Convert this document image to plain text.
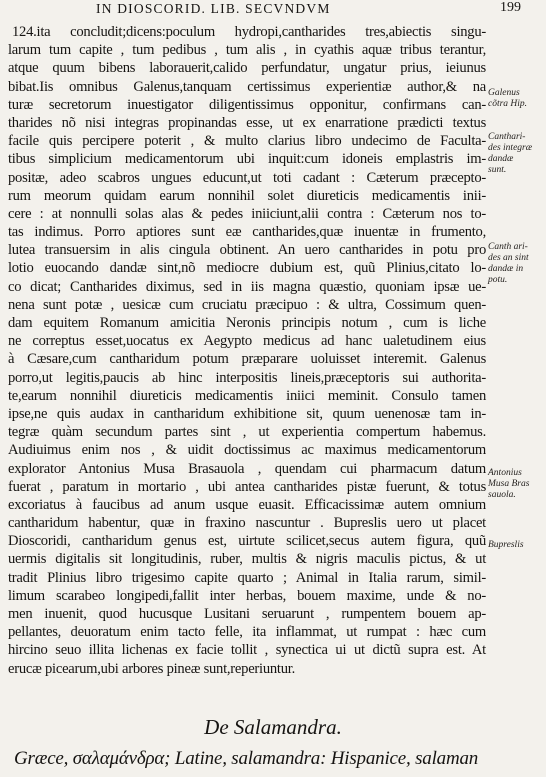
IN DIOSCORID. LIB. SECVNDVM	199
124.ita concludit;dicens:poculum hydropi,cantharides tres,abiectis singu-
larum tum capite , tum pedibus , tum alis , in cyathis aquæ tribus terantur,
atque quum bibens laborauerit,calido perfundatur, ungatur prius, ieiunus
bibat.Iis omnibus Galenus,tanquam certissimus experientiæ author,& na
turæ secretorum inuestigator diligentissimus opponitur, confirmans can-
tharides nõ nisi integras propinandas esse, ut ex enarratione prædicti textus
facile quis percipere poterit , & multo clarius libro undecimo de Faculta-
tibus simplicium medicamentorum ubi inquit:cum idoneis emplastris im-
positæ, adeo scabros ungues educunt,ut toti cadant : Cæterum præcepto-
rum meorum quidam earum nonnihil solet diureticis medicamentis inii-
cere : at nonnulli solas alas & pedes iniiciunt,alii contra : Cæterum nos to-
tas indimus. Porro aptiores sunt eæ cantharides,quæ inuentæ in frumento,
lutea transuersim in alis cingula obtinent. An uero cantharides in potu pro
lotio euocando dandæ sint,nõ mediocre dubium est, quũ Plinius,citato lo-
co dicat; Cantharides diximus, sed in iis magna quæstio, quoniam ipsæ ue-
nena sunt potæ , uesicæ cum cruciatu præcipuo : & ultra, Cossimum quen-
dam equitem Romanum amicitia Neronis principis notum , cum is liche
ne correptus esset,uocatus ex Aegypto medicus ad hanc ualetudinem eius
à Cæsare,cum cantharidum potum præparare uoluisset interemit. Galenus
porro,ut legitis,paucis ab hinc interpositis lineis,præceptoris sui authorita-
te,earum nonnihil diureticis medicamentis iniici meminit. Consulo tamen
ipse,ne quis audax in cantharidum exhibitione sit, quum uenenosæ tam in-
tegræ quàm secundum partes sint , ut experientia compertum habemus.
Audiuimus enim nos , & uidit doctissimus ac maximus medicamentorum
explorator Antonius Musa Brasauola , quendam cui pharmacum datum
fuerat , paratum in mortario , ubi antea cantharides pistæ fuerunt, & totus
excoriatus à faucibus ad anum usque euasit. Efficacissimæ autem omnium
cantharidum habentur, quæ in fraxino nascuntur . Bupreslis uero ut placet
Dioscoridi, cantharidum genus est, uirtute scilicet,secus autem figura, quũ
uermis digitalis sit longitudinis, ruber, multis & nigris maculis pictus, & ut
tradit Plinius libro trigesimo capite quarto ; Animal in Italia rarum, simil-
limum scarabeo longipedi,fallit inter herbas, bouem maxime, unde & no-
men inuenit, quod hucusque Lusitani seruarunt , rumpentem bouem ap-
pellantes, deuoratum enim tacto felle, ita inflammat, ut rumpat : hæc cum
hircino seuo illita lichenas ex facie tollit , synectica ui ut dictũ supra est. At
erucæ picearum,ubi arbores pineæ sunt,reperiuntur.
Galenus
cõtra Hip.
Canthari-
des integræ
dandæ
sunt.
Canth ari-
des an sint
dandæ in
potu.
Antonius
Musa Bras
sauola.
Bupreslis
De Salamandra.
Græce, σαλαμάνδρα; Latine, salamandra: Hispanice, salaman
